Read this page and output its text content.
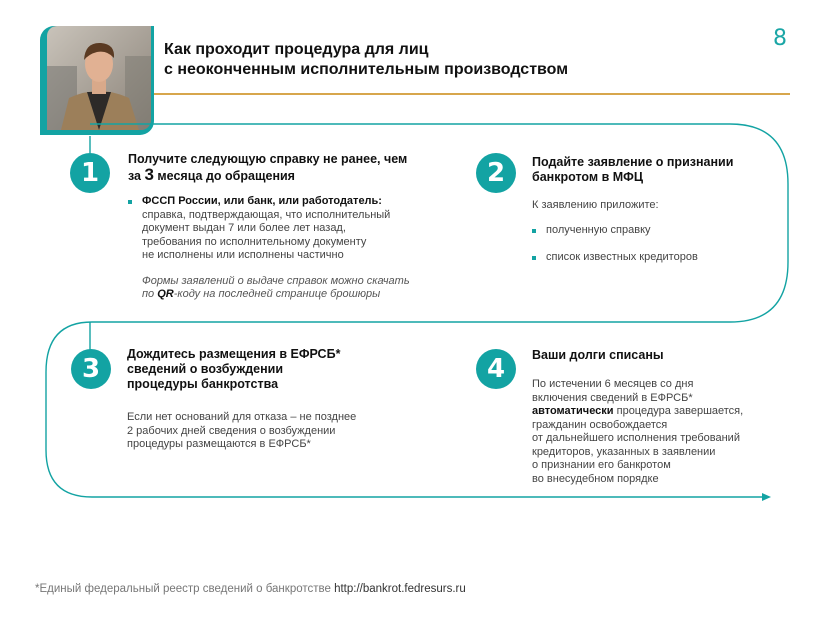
8
Как проходит процедура для лиц
с неоконченным исполнительным производством
1	Получите следующую справку не ранее, чем за 3 месяца до обращения
ФССП России, или банк, или работодатель:
справка, подтверждающая, что исполнительный
документ выдан 7 или более лет назад,
требования по исполнительному документу
не исполнены или исполнены частично
Формы заявлений о выдаче справок можно скачать
по QR-коду на последней странице брошюры
2	Подайте заявление о признании
банкротом в МФЦ
К заявлению приложите:
полученную справку
список известных кредиторов
3	Дождитесь размещения в ЕФРСБ*
сведений о возбуждении
процедуры банкротства
Если нет оснований для отказа – не позднее
2 рабочих дней сведения о возбуждении
процедуры размещаются в ЕФРСБ*
4	Ваши долги списаны
По истечении 6 месяцев со дня
включения сведений в ЕФРСБ*
автоматически процедура завершается,
гражданин освобождается
от дальнейшего исполнения требований
кредиторов, указанных в заявлении
о признании его банкротом
во внесудебном порядке
*Единый федеральный реестр сведений о банкротстве http://bankrot.fedresurs.ru
